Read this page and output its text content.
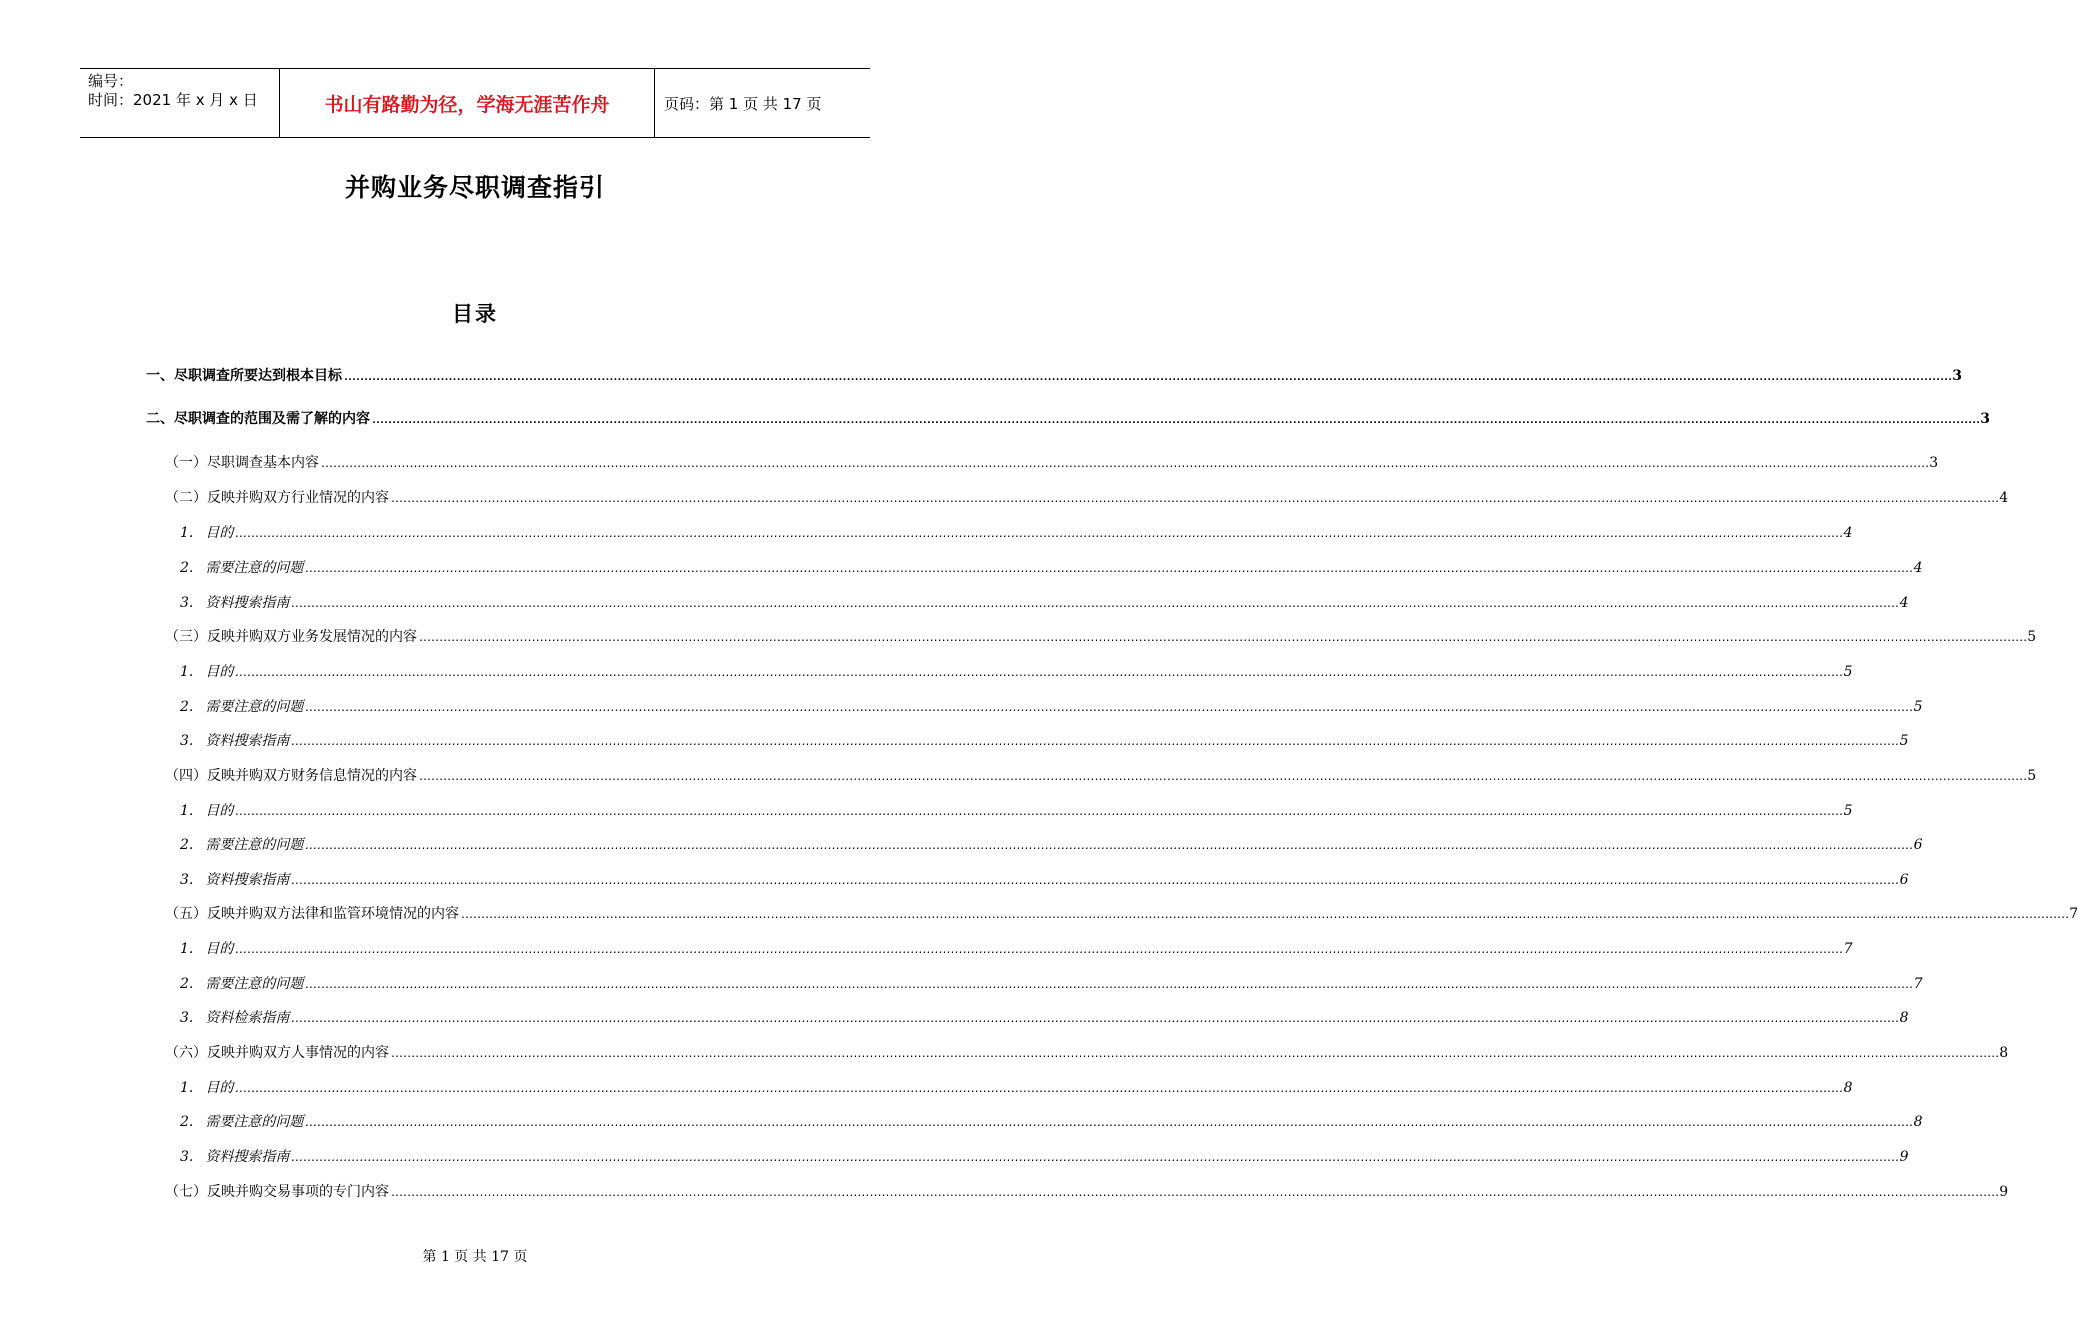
编号：
时间：2021 年 x 月 x 日	书山有路勤为径，学海无涯苦作舟	页码：第 1 页 共 17 页
并购业务尽职调查指引
目录
一、尽职调查所要达到根本目标 ................................................................................................................................................................................................................................................................................................................................................................................................................ 3
二、尽职调查的范围及需了解的内容 ................................................................................................................................................................................................................................................................................................................................................................................................................ 3
（一）尽职调查基本内容 ................................................................................................................................................................................................................................................................................................................................................................................................................ 3
（二）反映并购双方行业情况的内容 ................................................................................................................................................................................................................................................................................................................................................................................................................ 4
1. 目的 ................................................................................................................................................................................................................................................................................................................................................................................................................ 4
2. 需要注意的问题 ................................................................................................................................................................................................................................................................................................................................................................................................................ 4
3. 资料搜索指南 ................................................................................................................................................................................................................................................................................................................................................................................................................ 4
（三）反映并购双方业务发展情况的内容 ................................................................................................................................................................................................................................................................................................................................................................................................................ 5
1. 目的 ................................................................................................................................................................................................................................................................................................................................................................................................................ 5
2. 需要注意的问题 ................................................................................................................................................................................................................................................................................................................................................................................................................ 5
3. 资料搜索指南 ................................................................................................................................................................................................................................................................................................................................................................................................................ 5
（四）反映并购双方财务信息情况的内容 ................................................................................................................................................................................................................................................................................................................................................................................................................ 5
1. 目的 ................................................................................................................................................................................................................................................................................................................................................................................................................ 5
2. 需要注意的问题 ................................................................................................................................................................................................................................................................................................................................................................................................................ 6
3. 资料搜索指南 ................................................................................................................................................................................................................................................................................................................................................................................................................ 6
（五）反映并购双方法律和监管环境情况的内容 ................................................................................................................................................................................................................................................................................................................................................................................................................ 7
1. 目的 ................................................................................................................................................................................................................................................................................................................................................................................................................ 7
2. 需要注意的问题 ................................................................................................................................................................................................................................................................................................................................................................................................................ 7
3. 资料检索指南 ................................................................................................................................................................................................................................................................................................................................................................................................................ 8
（六）反映并购双方人事情况的内容 ................................................................................................................................................................................................................................................................................................................................................................................................................ 8
1. 目的 ................................................................................................................................................................................................................................................................................................................................................................................................................ 8
2. 需要注意的问题 ................................................................................................................................................................................................................................................................................................................................................................................................................ 8
3. 资料搜索指南 ................................................................................................................................................................................................................................................................................................................................................................................................................ 9
（七）反映并购交易事项的专门内容 ................................................................................................................................................................................................................................................................................................................................................................................................................ 9
第 1 页 共 17 页
